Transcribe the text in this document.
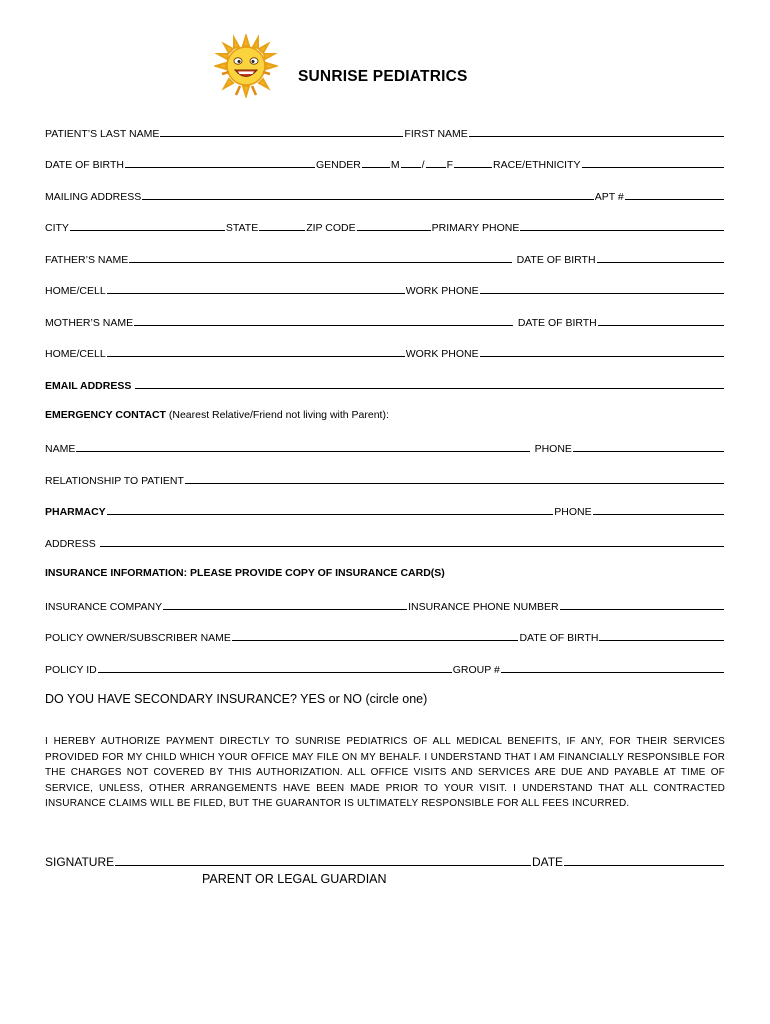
SUNRISE PEDIATRICS
PATIENT’S LAST NAME	FIRST NAME
DATE OF BIRTH	GENDER	M / F	RACE/ETHNICITY
MAILING ADDRESS	APT #
CITY	STATE	ZIP CODE	PRIMARY PHONE
FATHER’S NAME	DATE OF BIRTH
HOME/CELL	WORK PHONE
MOTHER’S NAME	DATE OF BIRTH
HOME/CELL	WORK PHONE
EMAIL ADDRESS
EMERGENCY CONTACT (Nearest Relative/Friend not living with Parent):
NAME	PHONE
RELATIONSHIP TO PATIENT
PHARMACY	PHONE
ADDRESS
INSURANCE INFORMATION: PLEASE PROVIDE COPY OF INSURANCE CARD(S)
INSURANCE COMPANY	INSURANCE PHONE NUMBER
POLICY OWNER/SUBSCRIBER NAME	DATE OF BIRTH
POLICY ID	GROUP #
DO YOU HAVE SECONDARY INSURANCE? YES or NO (circle one)
I HEREBY AUTHORIZE PAYMENT DIRECTLY TO SUNRISE PEDIATRICS OF ALL MEDICAL BENEFITS, IF ANY, FOR THEIR SERVICES PROVIDED FOR MY CHILD WHICH YOUR OFFICE MAY FILE ON MY BEHALF. I UNDERSTAND THAT I AM FINANCIALLY RESPONSIBLE FOR THE CHARGES NOT COVERED BY THIS AUTHORIZATION. ALL OFFICE VISITS AND SERVICES ARE DUE AND PAYABLE AT TIME OF SERVICE, UNLESS, OTHER ARRANGEMENTS HAVE BEEN MADE PRIOR TO YOUR VISIT. I UNDERSTAND THAT ALL CONTRACTED INSURANCE CLAIMS WILL BE FILED, BUT THE GUARANTOR IS ULTIMATELY RESPONSIBLE FOR ALL FEES INCURRED.
SIGNATURE	DATE
PARENT OR LEGAL GUARDIAN
